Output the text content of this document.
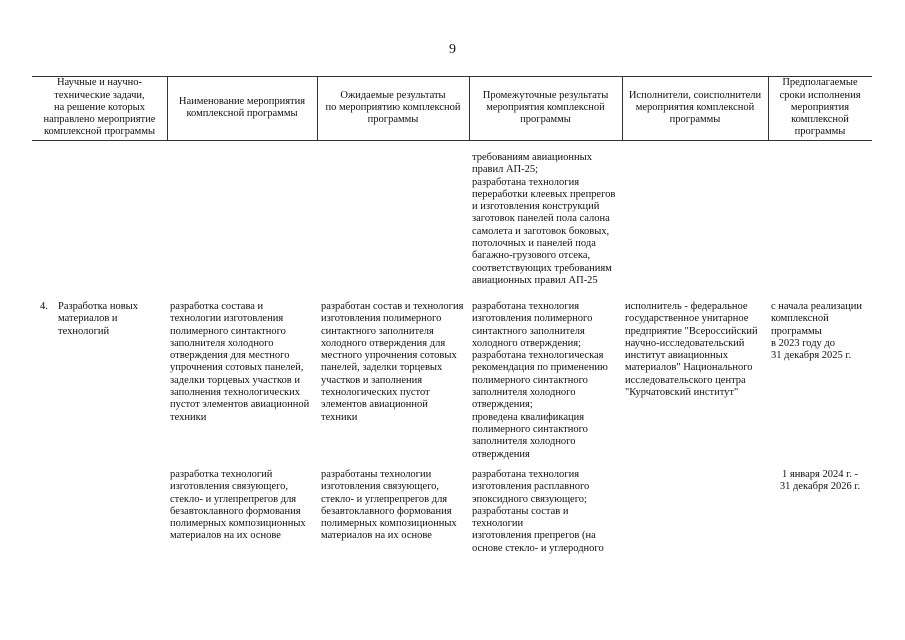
9
Научные и научно-
технические задачи,
на решение которых
направлено мероприятие
комплексной программы
Наименование мероприятия
комплексной программы
Ожидаемые результаты
по мероприятию комплексной
программы
Промежуточные результаты
мероприятия комплексной
программы
Исполнители, соисполнители
мероприятия комплексной
программы
Предполагаемые
сроки исполнения
мероприятия
комплексной
программы
требованиям авиационных
правил АП-25;
разработана технология
переработки клеевых препрегов
и изготовления конструкций
заготовок панелей пола салона
самолета и заготовок боковых,
потолочных и панелей пода
багажно-грузового отсека,
соответствующих требованиям
авиационных правил АП-25
4. Разработка новых
материалов и
технологий
разработка состава и
технологии изготовления
полимерного синтактного
заполнителя холодного
отверждения для местного
упрочнения сотовых панелей,
заделки торцевых участков и
заполнения технологических
пустот элементов авиационной
техники
разработан состав и технология
изготовления полимерного
синтактного заполнителя
холодного отверждения для
местного упрочнения сотовых
панелей, заделки торцевых
участков и заполнения
технологических пустот
элементов авиационной
техники
разработана технология
изготовления полимерного
синтактного заполнителя
холодного отверждения;
разработана технологическая
рекомендация по применению
полимерного синтактного
заполнителя холодного
отверждения;
проведена квалификация
полимерного синтактного
заполнителя холодного
отверждения
исполнитель - федеральное
государственное унитарное
предприятие "Всероссийский
научно-исследовательский
институт авиационных
материалов" Национального
исследовательского центра
"Курчатовский институт"
с начала реализации
комплексной
программы
в 2023 году до
31 декабря 2025 г.
разработка технологий
изготовления связующего,
стекло- и углепрепрегов для
безавтоклавного формования
полимерных композиционных
материалов на их основе
разработаны технологии
изготовления связующего,
стекло- и углепрепрегов для
безавтоклавного формования
полимерных композиционных
материалов на их основе
разработана технология
изготовления расплавного
эпоксидного связующего;
разработаны состав и технологии
изготовления препрегов (на
основе стекло- и углеродного
1 января 2024 г. -
31 декабря 2026 г.
